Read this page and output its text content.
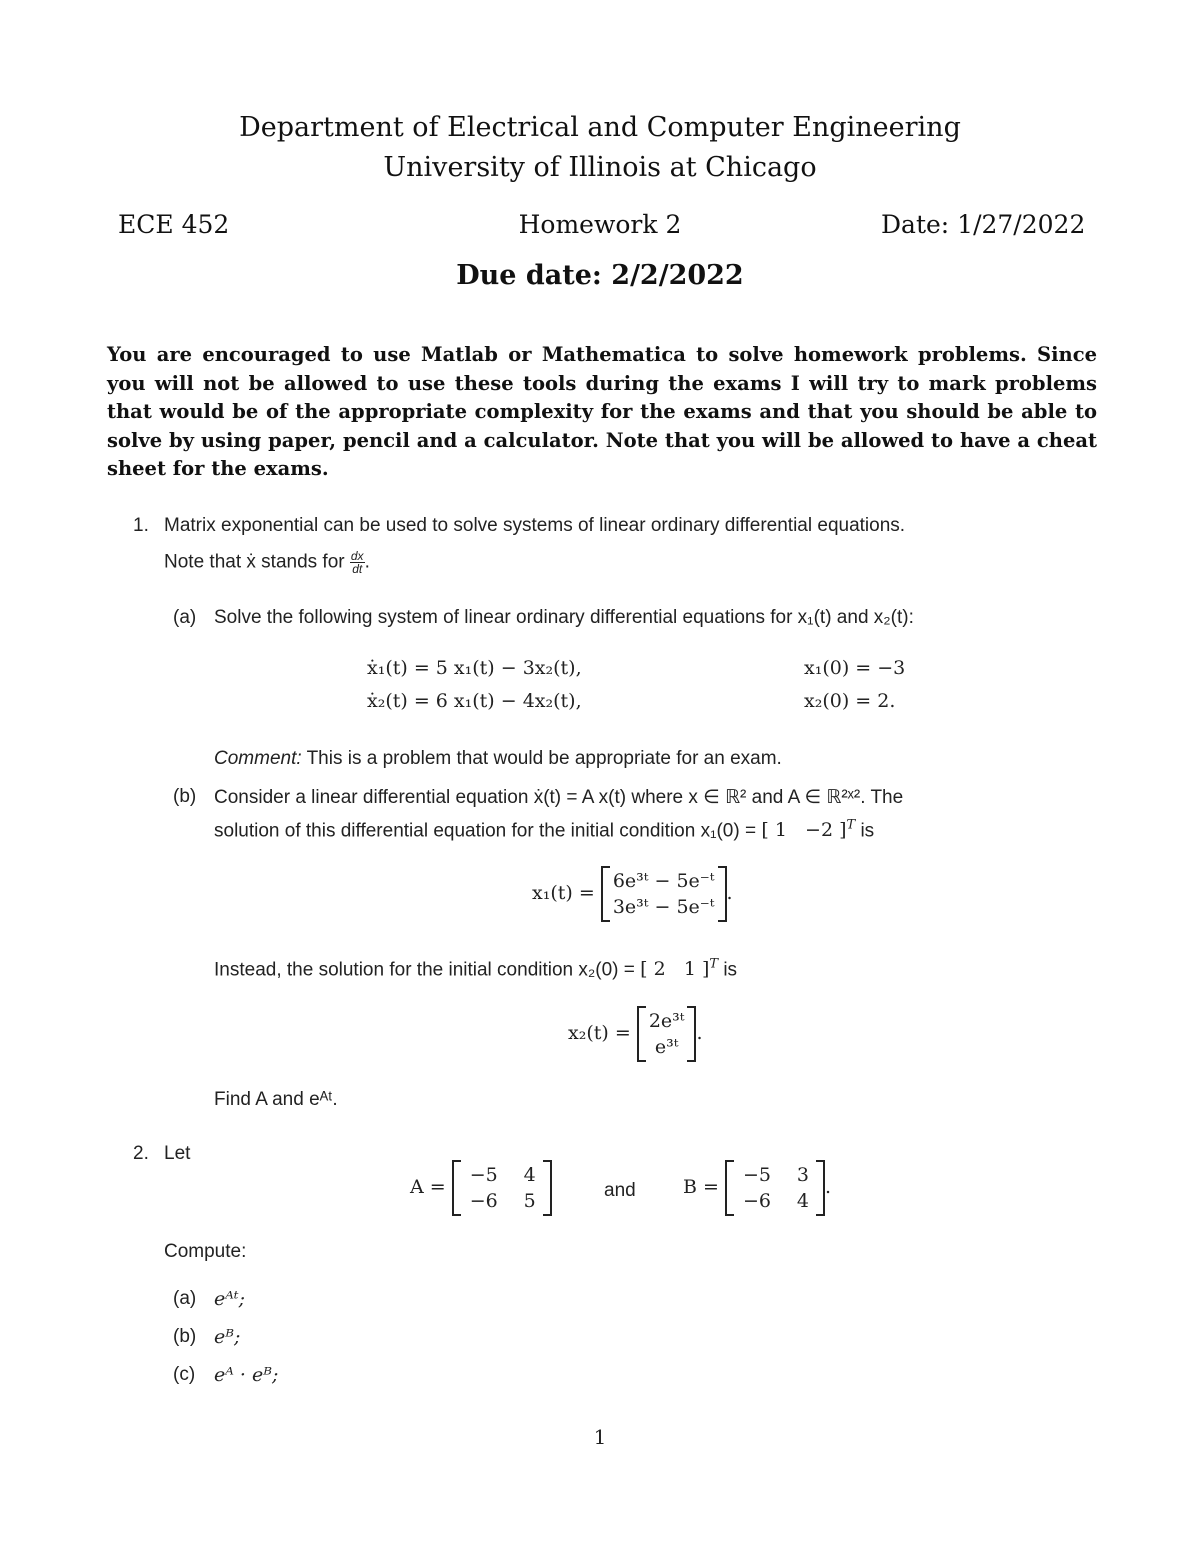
Department of Electrical and Computer Engineering
University of Illinois at Chicago
ECE 452	Homework 2	Date: 1/27/2022
Due date: 2/2/2022
You are encouraged to use Matlab or Mathematica to solve homework problems. Since you will not be allowed to use these tools during the exams I will try to mark problems that would be of the appropriate complexity for the exams and that you should be able to solve by using paper, pencil and a calculator. Note that you will be allowed to have a cheat sheet for the exams.
1. Matrix exponential can be used to solve systems of linear ordinary differential equations.
Note that ẋ stands for $\frac{dx}{dt}$ .
(a) Solve the following system of linear ordinary differential equations for x₁(t) and x₂(t):
ẋ₁(t) = 5 x₁(t) − 3x₂(t),	x₁(0) = −3
ẋ₂(t) = 6 x₁(t) − 4x₂(t),	x₂(0) = 2.
Comment: This is a problem that would be appropriate for an exam.
(b) Consider a linear differential equation ẋ(t) = A x(t) where x ∈ ℝ² and A ∈ ℝ²ˣ². The
solution of this differential equation for the initial condition x₁(0) = [ 1 −2 ]$^T$ is
x₁(t) =
6e³ᵗ − 5e⁻ᵗ
3e³ᵗ − 5e⁻ᵗ
.
Instead, the solution for the initial condition x₂(0) = [ 2 1 ]$^T$ is
x₂(t) =
2e³ᵗ
e³ᵗ
.
Find A and eᴬᵗ.
2. Let
A =
−5 4
−6 5	and B =
−5 3
−6 4
.
Compute:
(a) eᴬᵗ;
(b) eᴮ;
(c) eᴬ · eᴮ;
1
